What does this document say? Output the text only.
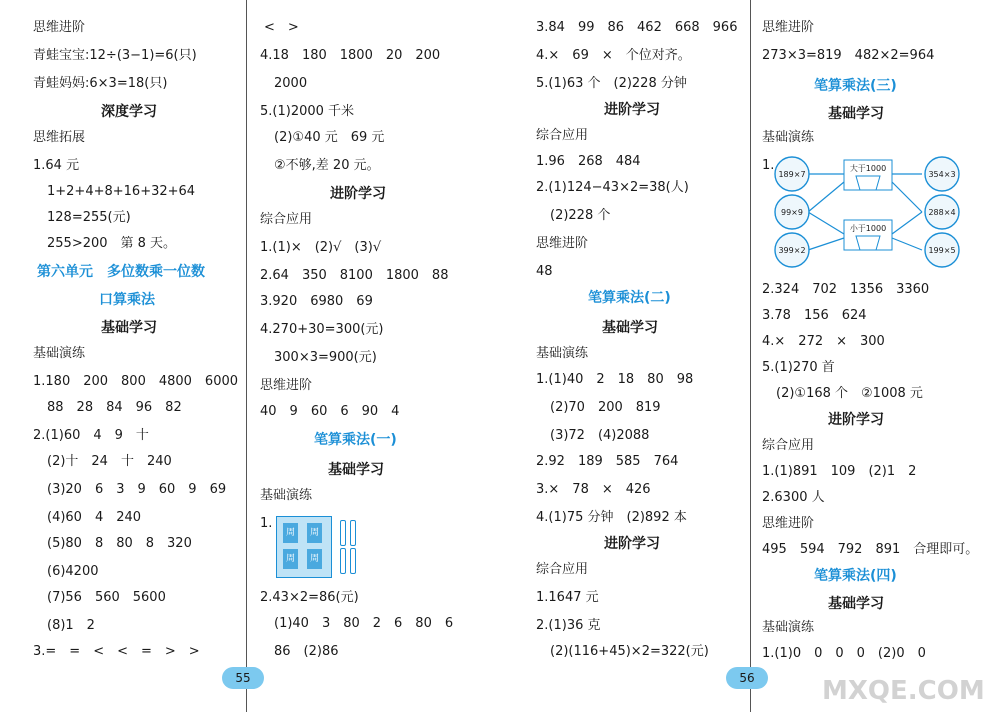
思维进阶
青蛙宝宝:12÷(3−1)=6(只)
青蛙妈妈:6×3=18(只)
深度学习
思维拓展
1.64 元
1+2+4+8+16+32+64
128=255(元)
255>200　第 8 天。
第六单元　多位数乘一位数
口算乘法
基础学习
基础演练
1.180　200　800　4800　6000
88　28　84　96　82
2.(1)60　4　9　十
(2)十　24　十　240
(3)20　6　3　9　60　9　69
(4)60　4　240
(5)80　8　80　8　320
(6)4200
(7)56　560　5600
(8)1　2
3.=　=　<　<　=　>　>
<　>
4.18　180　1800　20　200
2000
5.(1)2000 千米
(2)①40 元　69 元
②不够,差 20 元。
进阶学习
综合应用
1.(1)×　(2)√　(3)√
2.64　350　8100　1800　88
3.920　6980　69
4.270+30=300(元)
300×3=900(元)
思维进阶
40　9　60　6　90　4
笔算乘法(一)
基础学习
基础演练
1.
2.43×2=86(元)
(1)40　3　80　2　6　80　6
86　(2)86
3.84　99　86　462　668　966
4.×　69　×　个位对齐。
5.(1)63 个　(2)228 分钟
进阶学习
综合应用
1.96　268　484
2.(1)124−43×2=38(人)
(2)228 个
思维进阶
48
笔算乘法(二)
基础学习
基础演练
1.(1)40　2　18　80　98
(2)70　200　819
(3)72　(4)2088
2.92　189　585　764
3.×　78　×　426
4.(1)75 分钟　(2)892 本
进阶学习
综合应用
1.1647 元
2.(1)36 克
(2)(116+45)×2=322(元)
思维进阶
273×3=819　482×2=964
笔算乘法(三)
基础学习
基础演练
1.
2.324　702　1356　3360
3.78　156　624
4.×　272　×　300
5.(1)270 首
(2)①168 个　②1008 元
进阶学习
综合应用
1.(1)891　109　(2)1　2
2.6300 人
思维进阶
495　594　792　891　合理即可。
笔算乘法(四)
基础学习
基础演练
1.(1)0　0　0　0　(2)0　0
周	周
周	周
大于1000
小于1000
189×7
99×9
399×2
354×3
288×4
199×5
55	56	MXQE.COM
